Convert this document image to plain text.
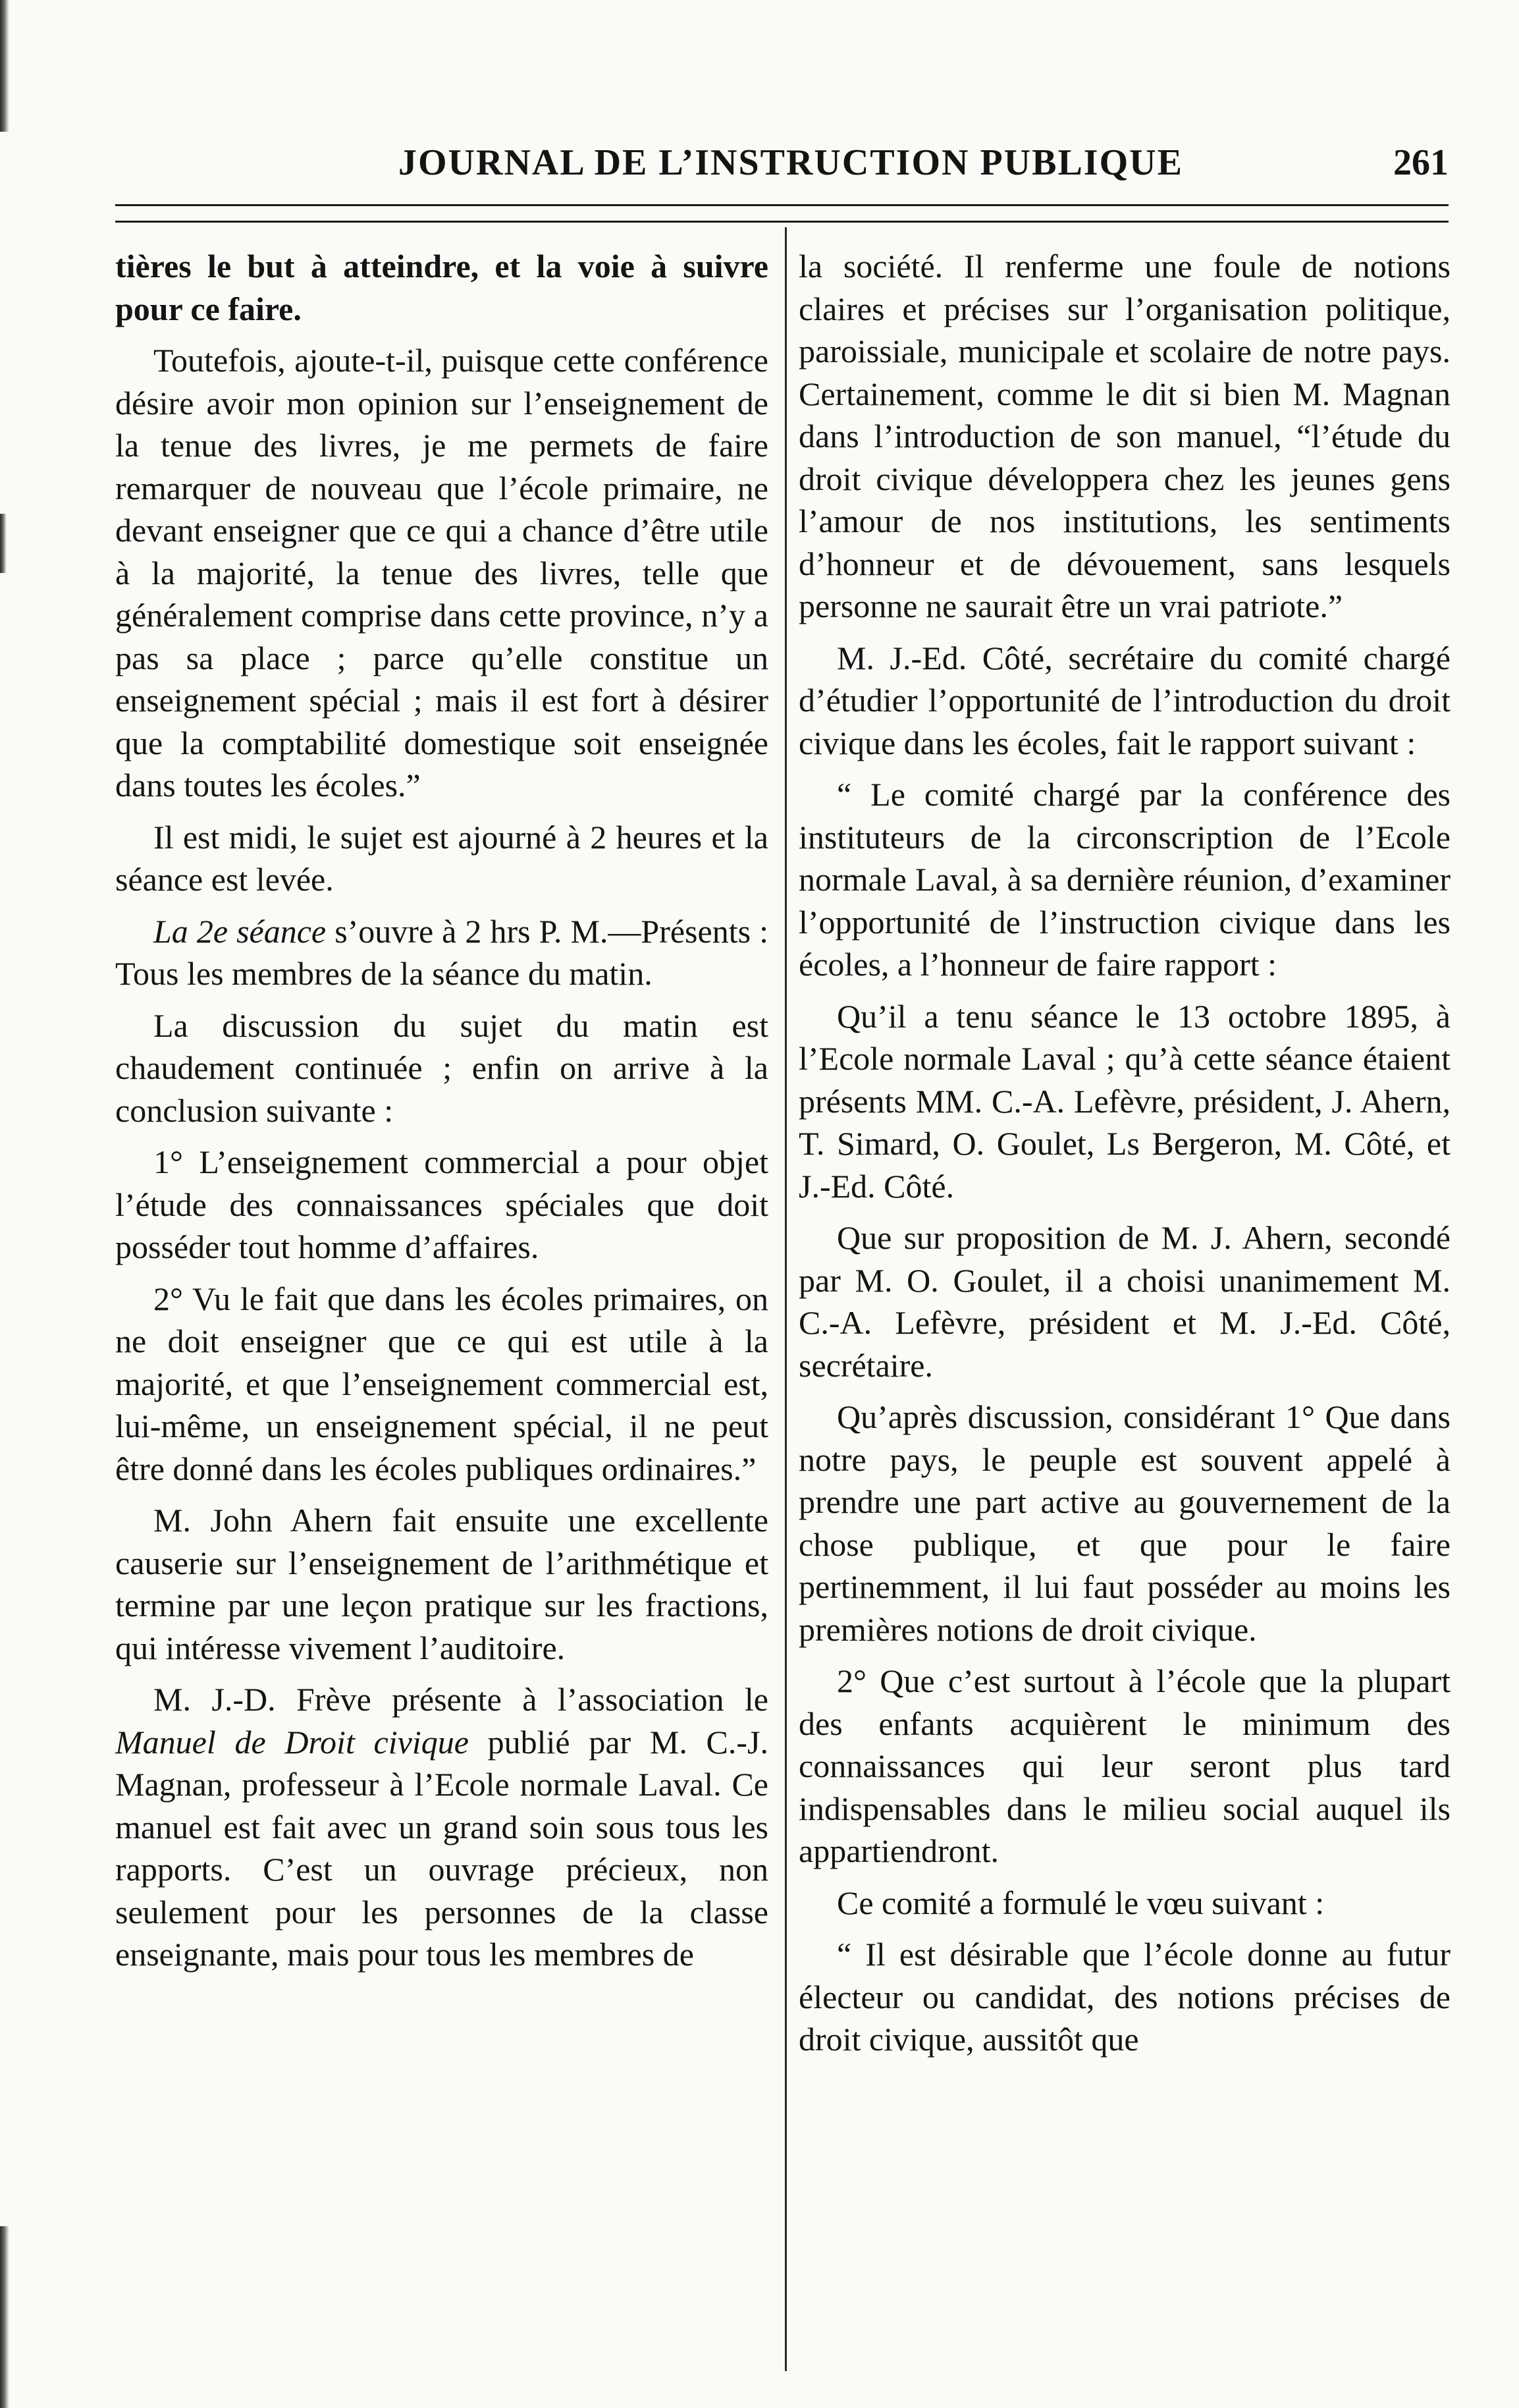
JOURNAL DE L’INSTRUCTION PUBLIQUE	261

tières le but à atteindre, et la voie à suivre pour ce faire.

Toutefois, ajoute-t-il, puisque cette conférence désire avoir mon opinion sur l’enseignement de la tenue des livres, je me permets de faire remarquer de nouveau que l’école primaire, ne devant enseigner que ce qui a chance d’être utile à la majorité, la tenue des livres, telle que généralement comprise dans cette province, n’y a pas sa place ; parce qu’elle constitue un enseignement spécial ; mais il est fort à désirer que la comptabilité domestique soit enseignée dans toutes les écoles.”

Il est midi, le sujet est ajourné à 2 heures et la séance est levée.

La 2e séance s’ouvre à 2 hrs P. M.—Présents : Tous les membres de la séance du matin.

La discussion du sujet du matin est chaudement continuée ; enfin on arrive à la conclusion suivante :

1° L’enseignement commercial a pour objet l’étude des connaissances spéciales que doit posséder tout homme d’affaires.

2° Vu le fait que dans les écoles primaires, on ne doit enseigner que ce qui est utile à la majorité, et que l’enseignement commercial est, lui-même, un enseignement spécial, il ne peut être donné dans les écoles publiques ordinaires.”

M. John Ahern fait ensuite une excellente causerie sur l’enseignement de l’arithmétique et termine par une leçon pratique sur les fractions, qui intéresse vivement l’auditoire.

M. J.-D. Frève présente à l’association le Manuel de Droit civique publié par M. C.-J. Magnan, professeur à l’Ecole normale Laval. Ce manuel est fait avec un grand soin sous tous les rapports. C’est un ouvrage précieux, non seulement pour les personnes de la classe enseignante, mais pour tous les membres de

la société. Il renferme une foule de notions claires et précises sur l’organisation politique, paroissiale, municipale et scolaire de notre pays. Certainement, comme le dit si bien M. Magnan dans l’introduction de son manuel, “l’étude du droit civique développera chez les jeunes gens l’amour de nos institutions, les sentiments d’honneur et de dévouement, sans lesquels personne ne saurait être un vrai patriote.”

M. J.-Ed. Côté, secrétaire du comité chargé d’étudier l’opportunité de l’introduction du droit civique dans les écoles, fait le rapport suivant :

“ Le comité chargé par la conférence des instituteurs de la circonscription de l’Ecole normale Laval, à sa dernière réunion, d’examiner l’opportunité de l’instruction civique dans les écoles, a l’honneur de faire rapport :

Qu’il a tenu séance le 13 octobre 1895, à l’Ecole normale Laval ; qu’à cette séance étaient présents MM. C.-A. Lefèvre, président, J. Ahern, T. Simard, O. Goulet, Ls Bergeron, M. Côté, et J.-Ed. Côté.

Que sur proposition de M. J. Ahern, secondé par M. O. Goulet, il a choisi unanimement M. C.-A. Lefèvre, président et M. J.-Ed. Côté, secrétaire.

Qu’après discussion, considérant 1° Que dans notre pays, le peuple est souvent appelé à prendre une part active au gouvernement de la chose publique, et que pour le faire pertinemment, il lui faut posséder au moins les premières notions de droit civique.

2° Que c’est surtout à l’école que la plupart des enfants acquièrent le minimum des connaissances qui leur seront plus tard indispensables dans le milieu social auquel ils appartiendront.

Ce comité a formulé le vœu suivant :

“ Il est désirable que l’école donne au futur électeur ou candidat, des notions précises de droit civique, aussitôt que
